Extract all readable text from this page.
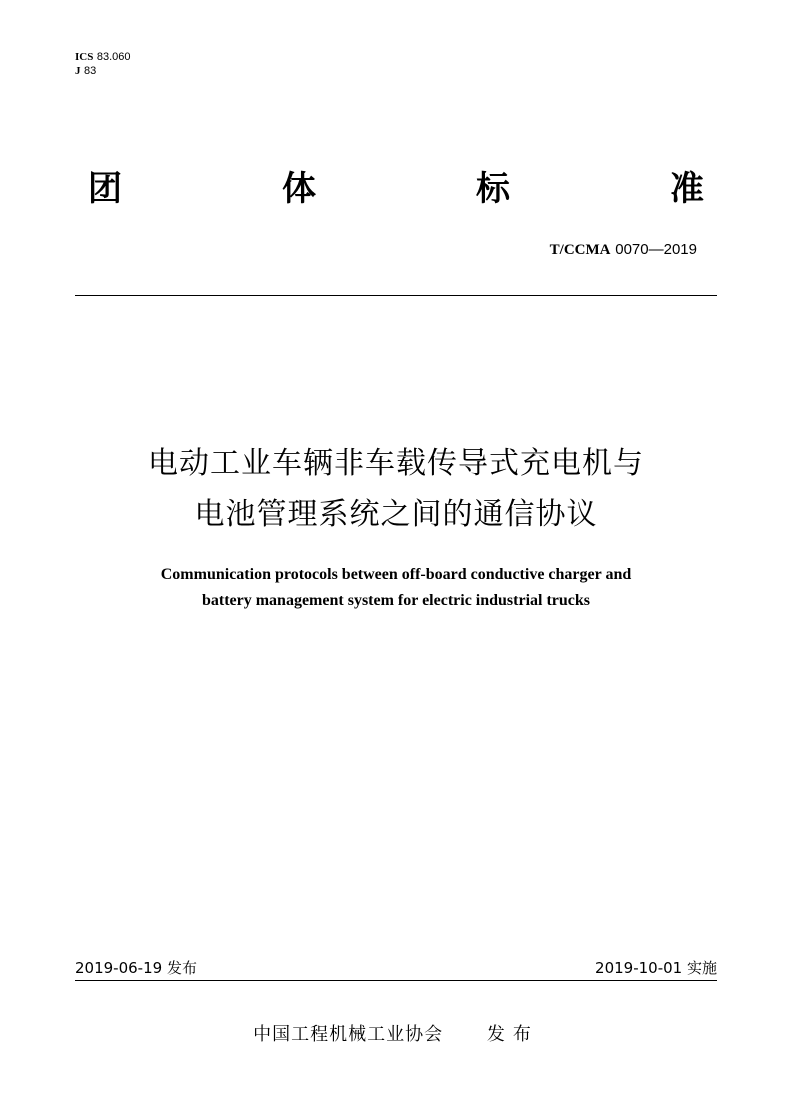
ICS 83.060
J 83
团	体	标	准
T/CCMA 0070—2019
电动工业车辆非车载传导式充电机与
电池管理系统之间的通信协议
Communication protocols between off-board conductive charger and
battery management system for electric industrial trucks
2019-06-19 发布	2019-10-01 实施
中国工程机械工业协会 发布
